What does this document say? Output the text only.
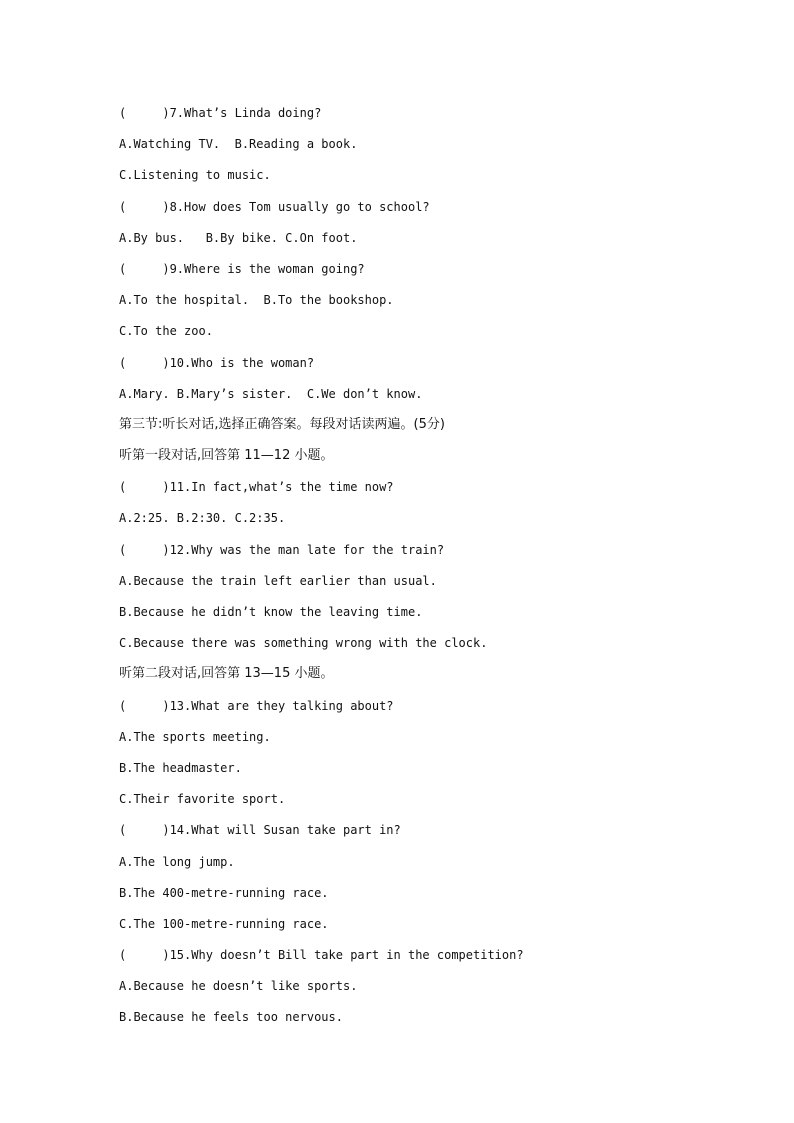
(     )7.What’s Linda doing?
A.Watching TV.  B.Reading a book.
C.Listening to music.
(     )8.How does Tom usually go to school?
A.By bus.   B.By bike. C.On foot.
(     )9.Where is the woman going?
A.To the hospital.  B.To the bookshop.
C.To the zoo.
(     )10.Who is the woman?
A.Mary. B.Mary’s sister.  C.We don’t know.
第三节:听长对话,选择正确答案。每段对话读两遍。(5分)
听第一段对话,回答第 11—12 小题。
(     )11.In fact,what’s the time now?
A.2:25. B.2:30. C.2:35.
(     )12.Why was the man late for the train?
A.Because the train left earlier than usual.
B.Because he didn’t know the leaving time.
C.Because there was something wrong with the clock.
听第二段对话,回答第 13—15 小题。
(     )13.What are they talking about?
A.The sports meeting.
B.The headmaster.
C.Their favorite sport.
(     )14.What will Susan take part in?
A.The long jump.
B.The 400-metre-running race.
C.The 100-metre-running race.
(     )15.Why doesn’t Bill take part in the competition?
A.Because he doesn’t like sports.
B.Because he feels too nervous.
